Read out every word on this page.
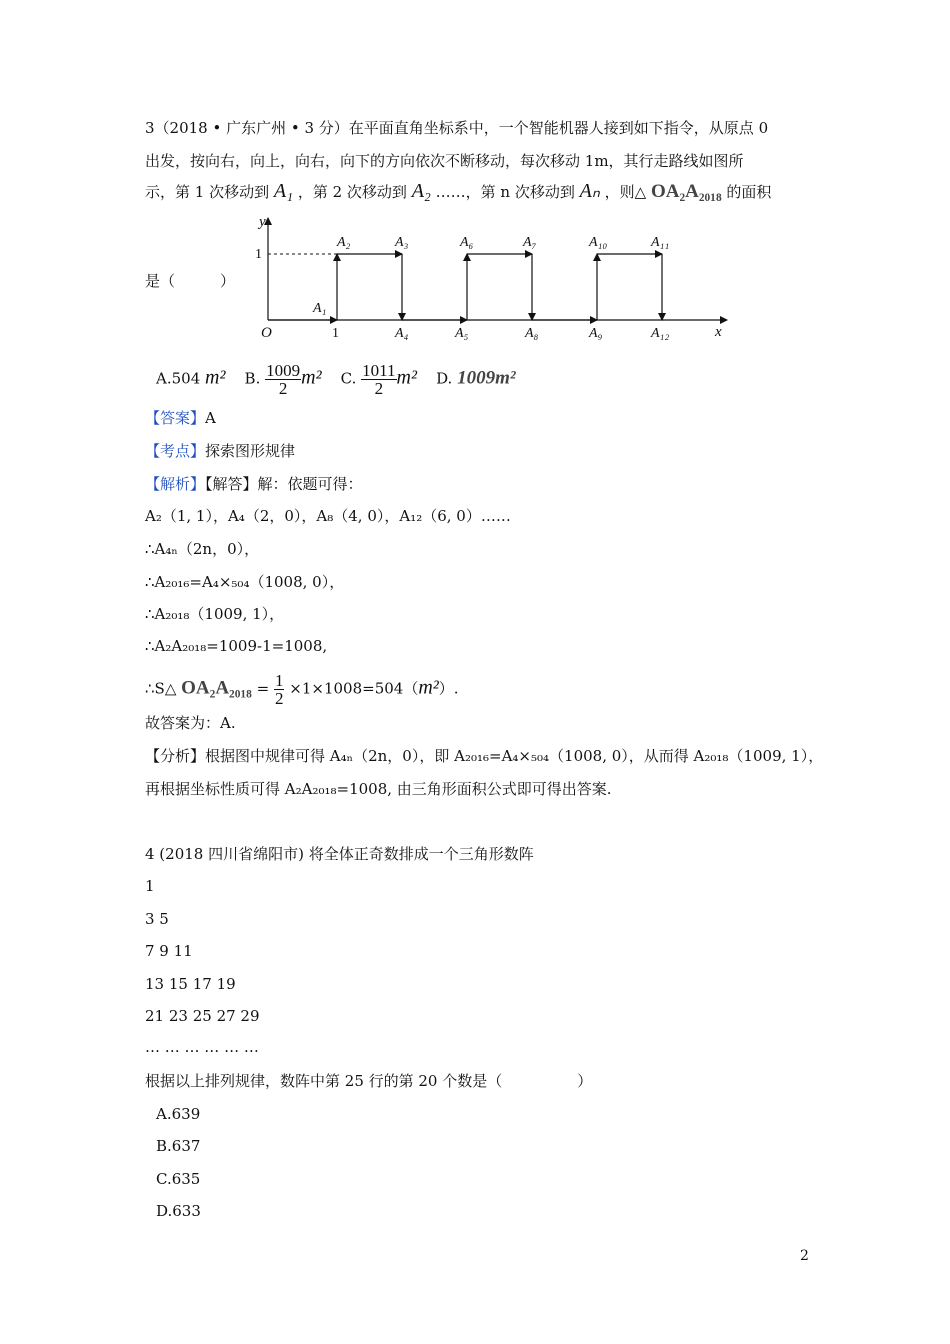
3（2018 • 广东广州 • 3 分）在平面直角坐标系中，一个智能机器人接到如下指令，从原点 0
出发，按向右，向上，向右，向下的方向依次不断移动，每次移动 1m，其行走路线如图所
示，第 1 次移动到 A₁ ，第 2 次移动到 A₂ ……，第 n 次移动到 Aₙ ，则△ OA₂A₂₀₁₈ 的面积
是（　　　）
y
x
O
1
1
A₁
A₂	A₃
A₄	A₅
A₆	A₇
A₈	A₉
A₁₀	A₁₁
A₁₂
A.504 m² B. $\frac{1009}{2} m^2$ C. $\frac{1011}{2} m^2$ D. 1009m²
【答案】A
【考点】探索图形规律
【解析】【解答】解：依题可得：
A₂（1, 1），A₄（2，0），A₈（4, 0），A₁₂（6, 0）……
∴A₄ₙ（2n，0），
∴A₂₀₁₆=A₄×₅₀₄（1008, 0），
∴A₂₀₁₈（1009, 1），
∴A₂A₂₀₁₈=1009-1=1008,
∴S△ $OA_2A_{2018} = \frac{1}{2} \times 1\times 1008=504(m^2)$.
故答案为：A.
【分析】根据图中规律可得 A₄ₙ（2n，0），即 A₂₀₁₆=A₄×₅₀₄（1008, 0），从而得 A₂₀₁₈（1009, 1），
再根据坐标性质可得 A₂A₂₀₁₈=1008, 由三角形面积公式即可得出答案.
4 (2018 四川省绵阳市) 将全体正奇数排成一个三角形数阵
1
3 5
7 9 11
13 15 17 19
21 23 25 27 29
… … … … … …
根据以上排列规律，数阵中第 25 行的第 20 个数是（　　　　　）
A.639
B.637
C.635
D.633
2
